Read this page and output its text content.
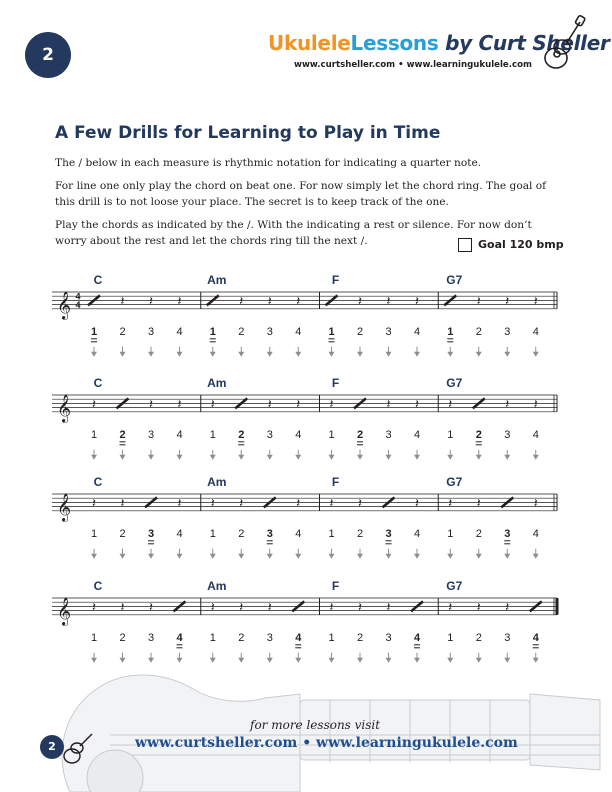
2	UkuleleLessons by Curt Sheller
www.curtsheller.com • www.learningukulele.com
A Few Drills for Learning to Play in Time
The / below in each measure is rhythmic notation for indicating a quarter note.
For line one only play the chord on beat one. For now simply let the chord ring. The goal of this drill is to not loose your place. The secret is to keep track of the one.
Play the chords as indicated by the /. With the indicating a rest or silence. For now don’t worry about the rest and let the chords ring till the next /.	Goal 120 bmp
𝄞 4
4
C
1
𝄽
2
𝄽
3
𝄽
4
Am
1
𝄽
2
𝄽
3
𝄽
4
F
1
𝄽
2
𝄽
3
𝄽
4
G7
1
𝄽
2
𝄽
3
𝄽
4
𝄞
C
𝄽
1 2
𝄽
3
𝄽
4
Am
𝄽
1 2
𝄽
3
𝄽
4
F
𝄽
1 2
𝄽
3
𝄽
4
G7
𝄽
1 2
𝄽
3
𝄽
4
𝄞
C
𝄽
1
𝄽
2 3
𝄽
4
Am
𝄽
1
𝄽
2 3
𝄽
4
F
𝄽
1
𝄽
2 3
𝄽
4
G7
𝄽
1
𝄽
2 3
𝄽
4
𝄞
C
𝄽
1
𝄽
2
𝄽
3 4
Am
𝄽
1
𝄽
2
𝄽
3 4
F
𝄽
1
𝄽
2
𝄽
3 4
G7
𝄽
1
𝄽
2
𝄽
3 4
for more lessons visit
www.curtsheller.com • www.learningukulele.com
2
